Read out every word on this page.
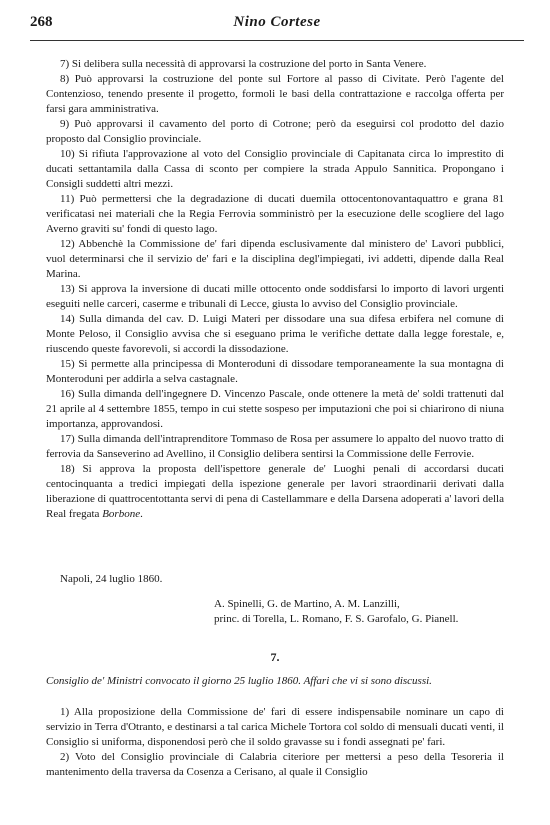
268	Nino Cortese

7) Si delibera sulla necessità di approvarsi la costruzione del porto in Santa Venere.

8) Può approvarsi la costruzione del ponte sul Fortore al passo di Civitate. Però l'agente del Contenzioso, tenendo presente il progetto, formoli le basi della contrattazione e raccolga offerta per farsi gara amministrativa.

9) Può approvarsi il cavamento del porto di Cotrone; però da eseguirsi col prodotto del dazio proposto dal Consiglio provinciale.

10) Si rifiuta l'approvazione al voto del Consiglio provinciale di Capitanata circa lo imprestito di ducati settantamila dalla Cassa di sconto per compiere la strada Appulo Sannitica. Propongano i Consigli suddetti altri mezzi.

11) Può permettersi che la degradazione di ducati duemila ottocentonovantaquattro e grana 81 verificatasi nei materiali che la Regia Ferrovia somministrò per la esecuzione delle scogliere del lago Averno graviti su' fondi di questo lago.

12) Abbenchè la Commissione de' fari dipenda esclusivamente dal ministero de' Lavori pubblici, vuol determinarsi che il servizio de' fari e la disciplina degl'impiegati, ivi addetti, dipende dalla Real Marina.

13) Si approva la inversione di ducati mille ottocento onde soddisfarsi lo importo di lavori urgenti eseguiti nelle carceri, caserme e tribunali di Lecce, giusta lo avviso del Consiglio provinciale.

14) Sulla dimanda del cav. D. Luigi Materi per dissodare una sua difesa erbifera nel comune di Monte Peloso, il Consiglio avvisa che si eseguano prima le verifiche dettate dalla legge forestale, e, riuscendo queste favorevoli, si accordi la dissodazione.

15) Si permette alla principessa di Monteroduni di dissodare temporaneamente la sua montagna di Monteroduni per addirla a selva castagnale.

16) Sulla dimanda dell'ingegnere D. Vincenzo Pascale, onde ottenere la metà de' soldi trattenuti dal 21 aprile al 4 settembre 1855, tempo in cui stette sospeso per imputazioni che poi si chiarirono di niuna importanza, approvandosi.

17) Sulla dimanda dell'intraprenditore Tommaso de Rosa per assumere lo appalto del nuovo tratto di ferrovia da Sanseverino ad Avellino, il Consiglio delibera sentirsi la Commissione delle Ferrovie.

18) Si approva la proposta dell'ispettore generale de' Luoghi penali di accordarsi ducati centocinquanta a tredici impiegati della ispezione generale per lavori straordinarii derivati dalla liberazione di quattrocentottanta servi di pena di Castellammare e della Darsena adoperati a' lavori della Real fregata Borbone.

Napoli, 24 luglio 1860.
A. Spinelli, G. de Martino, A. M. Lanzilli,
princ. di Torella, L. Romano, F. S. Garofalo, G. Pianell.
7.
Consiglio de' Ministri convocato il giorno 25 luglio 1860. Affari che vi si sono discussi.

1) Alla proposizione della Commissione de' fari di essere indispensabile nominare un capo di servizio in Terra d'Otranto, e destinarsi a tal carica Michele Tortora col soldo di mensuali ducati venti, il Consiglio si uniforma, disponendosi però che il soldo gravasse su i fondi assegnati pe' fari.

2) Voto del Consiglio provinciale di Calabria citeriore per mettersi a peso della Tesoreria il mantenimento della traversa da Cosenza a Cerisano, al quale il Consiglio
